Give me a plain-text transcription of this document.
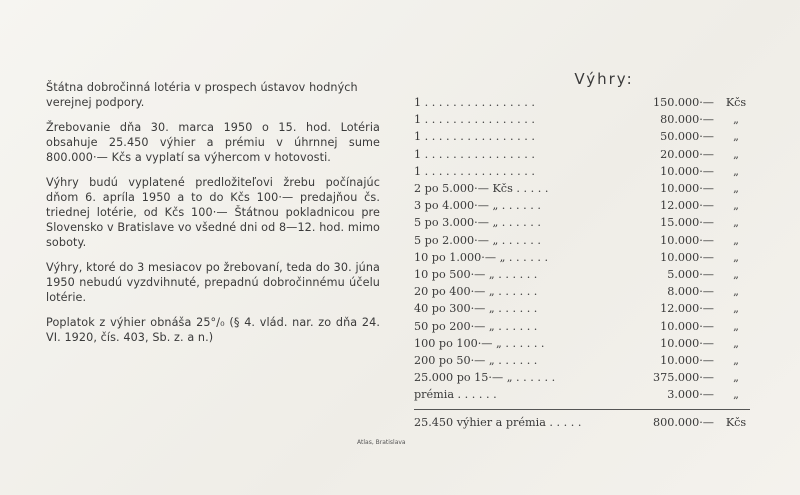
Štátna dobročinná lotéria v prospech ústavov hodných verejnej podpory.

Žrebovanie dňa 30. marca 1950 o 15. hod. Lotéria obsahuje 25.450 výhier a prémiu v úhrnnej sume 800.000·— Kčs a vyplatí sa výhercom v hotovosti.

Výhry budú vyplatené predložiteľovi žrebu počínajúc dňom 6. apríla 1950 a to do Kčs 100·— predajňou čs. triednej lotérie, od Kčs 100·— Štátnou pokladnicou pre Slovensko v Bratislave vo všedné dni od 8—12. hod. mimo soboty.

Výhry, ktoré do 3 mesiacov po žrebovaní, teda do 30. júna 1950 nebudú vyzdvihnuté, prepadnú dobročinnému účelu lotérie.

Poplatok z výhier obnáša 25°/₀ (§ 4. vlád. nar. zo dňa 24. VI. 1920, čís. 403, Sb. z. a n.)

Výhry:
1 . . . . . . . . . . . . . . . .	150.000·—	Kčs
1 . . . . . . . . . . . . . . . .	80.000·—	„
1 . . . . . . . . . . . . . . . .	50.000·—	„
1 . . . . . . . . . . . . . . . .	20.000·—	„
1 . . . . . . . . . . . . . . . .	10.000·—	„
2 po 5.000·— Kčs . . . . .	10.000·—	„
3 po 4.000·— „ . . . . . .	12.000·—	„
5 po 3.000·— „ . . . . . .	15.000·—	„
5 po 2.000·— „ . . . . . .	10.000·—	„
10 po 1.000·— „ . . . . . .	10.000·—	„
10 po 500·— „ . . . . . .	5.000·—	„
20 po 400·— „ . . . . . .	8.000·—	„
40 po 300·— „ . . . . . .	12.000·—	„
50 po 200·— „ . . . . . .	10.000·—	„
100 po 100·— „ . . . . . .	10.000·—	„
200 po 50·— „ . . . . . .	10.000·—	„
25.000 po 15·— „ . . . . . .	375.000·—	„
prémia . . . . . .	3.000·—	„
25.450 výhier a prémia . . . . .	800.000·—	Kčs
Atlas, Bratislava
